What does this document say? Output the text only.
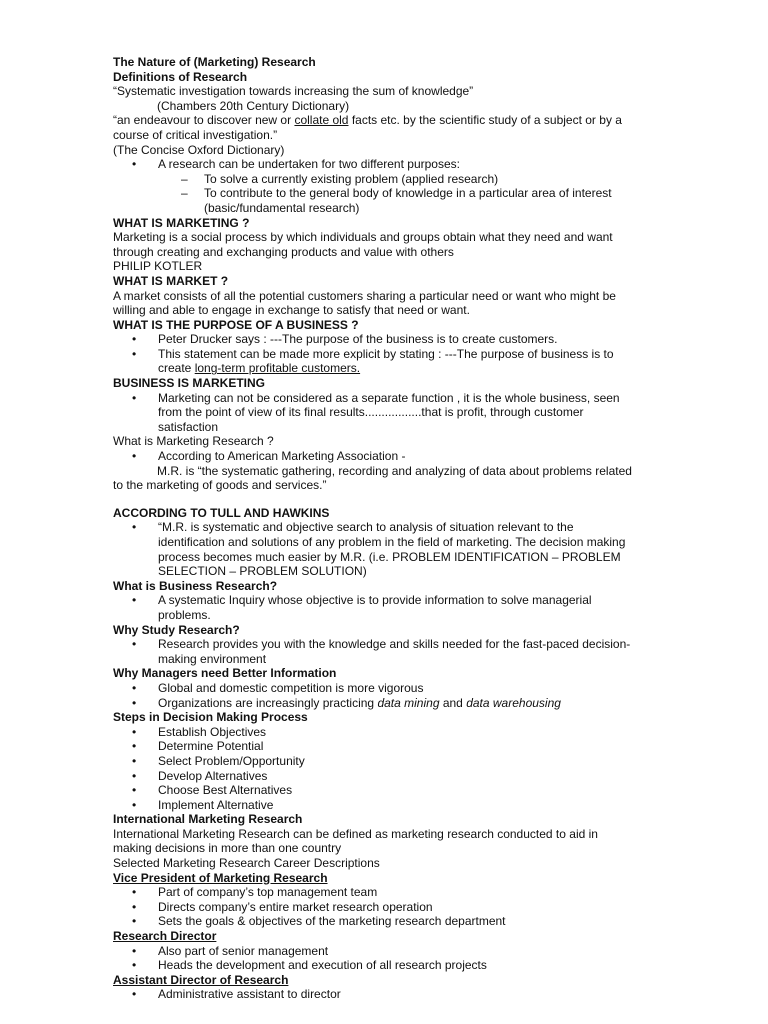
The Nature of (Marketing) Research

Definitions of Research

“Systematic investigation towards increasing the sum of knowledge”

(Chambers 20th Century Dictionary)

“an endeavour to discover new or collate old facts etc. by the scientific study of a subject or by a

course of critical investigation.”

(The Concise Oxford Dictionary)

•	A research can be undertaken for two different purposes:
–	To solve a currently existing problem (applied research)
–	To contribute to the general body of knowledge in a particular area of interest
(basic/fundamental research)

WHAT IS MARKETING ?

Marketing is a social process by which individuals and groups obtain what they need and want

through creating and exchanging products and value with others

PHILIP KOTLER

WHAT IS MARKET ?

A market consists of all the potential customers sharing a particular need or want who might be

willing and able to engage in exchange to satisfy that need or want.

WHAT IS THE PURPOSE OF A BUSINESS ?

•	Peter Drucker says : ---The purpose of the business is to create customers.
•	This statement can be made more explicit by stating : ---The purpose of business is to
create long-term profitable customers.

BUSINESS IS MARKETING

•	Marketing can not be considered as a separate function , it is the whole business, seen
from the point of view of its final results.................that is profit, through customer
satisfaction

What is Marketing Research ?

•	According to American Marketing Association -

M.R. is “the systematic gathering, recording and analyzing of data about problems related

to the marketing of goods and services.”

ACCORDING TO TULL AND HAWKINS

•	“M.R. is systematic and objective search to analysis of situation relevant to the
identification and solutions of any problem in the field of marketing. The decision making
process becomes much easier by M.R. (i.e. PROBLEM IDENTIFICATION – PROBLEM
SELECTION – PROBLEM SOLUTION)

What is Business Research?

•	A systematic Inquiry whose objective is to provide information to solve managerial
problems.

Why Study Research?

•	Research provides you with the knowledge and skills needed for the fast-paced decision-
making environment

Why Managers need Better Information

•	Global and domestic competition is more vigorous
•	Organizations are increasingly practicing data mining and data warehousing

Steps in Decision Making Process

•	Establish Objectives
•	Determine Potential
•	Select Problem/Opportunity
•	Develop Alternatives
•	Choose Best Alternatives
•	Implement Alternative

International Marketing Research

International Marketing Research can be defined as marketing research conducted to aid in

making decisions in more than one country

Selected Marketing Research Career Descriptions

Vice President of Marketing Research

•	Part of company’s top management team
•	Directs company’s entire market research operation
•	Sets the goals & objectives of the marketing research department

Research Director

•	Also part of senior management
•	Heads the development and execution of all research projects

Assistant Director of Research

•	Administrative assistant to director
